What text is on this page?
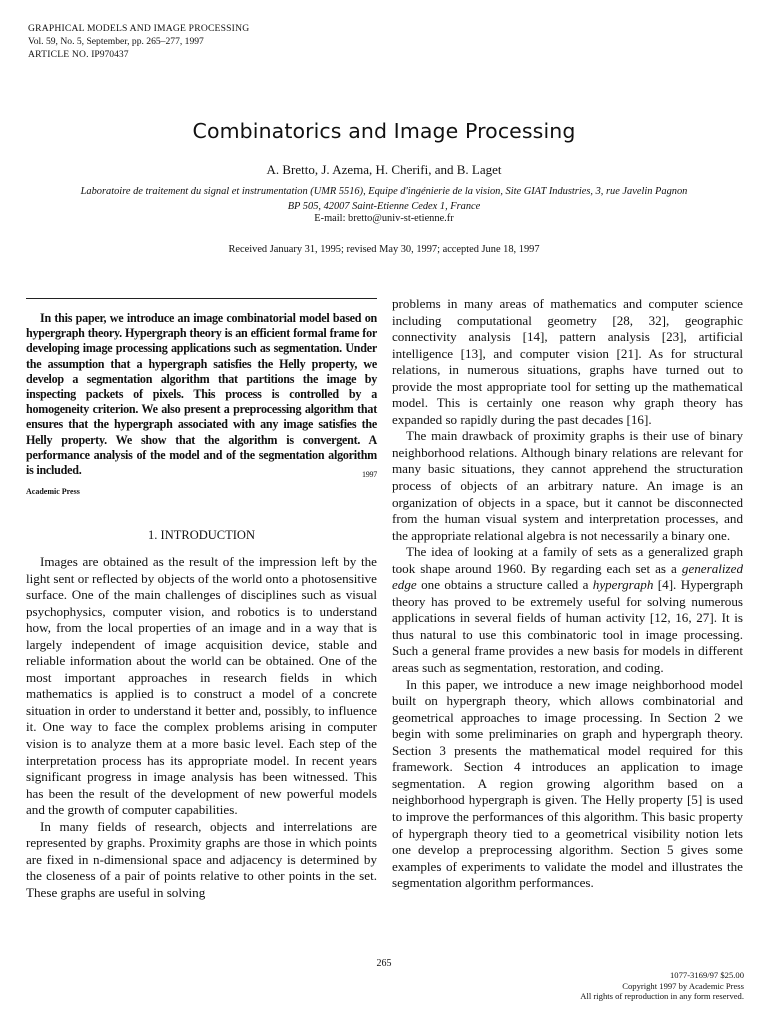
GRAPHICAL MODELS AND IMAGE PROCESSING
Vol. 59, No. 5, September, pp. 265–277, 1997
ARTICLE NO. IP970437
Combinatorics and Image Processing
A. Bretto, J. Azema, H. Cherifi, and B. Laget
Laboratoire de traitement du signal et instrumentation (UMR 5516), Equipe d'ingénierie de la vision, Site GIAT Industries, 3, rue Javelin Pagnon
BP 505, 42007 Saint-Etienne Cedex 1, France
E-mail: bretto@univ-st-etienne.fr
Received January 31, 1995; revised May 30, 1997; accepted June 18, 1997
In this paper, we introduce an image combinatorial model based on hypergraph theory. Hypergraph theory is an efficient formal frame for developing image processing applications such as segmentation. Under the assumption that a hypergraph satisfies the Helly property, we develop a segmentation algorithm that partitions the image by inspecting packets of pixels. This process is controlled by a homogeneity criterion. We also present a preprocessing algorithm that ensures that the hypergraph associated with any image satisfies the Helly property. We show that the algorithm is convergent. A performance analysis of the model and of the segmentation algorithm is included.	1997
Academic Press
1. INTRODUCTION

Images are obtained as the result of the impression left by the light sent or reflected by objects of the world onto a photosensitive surface. One of the main challenges of disciplines such as visual psychophysics, computer vision, and robotics is to understand how, from the local properties of an image and in a way that is largely independent of image acquisition device, stable and reliable information about the world can be obtained. One of the most important approaches in research fields in which mathematics is applied is to construct a model of a concrete situation in order to understand it better and, possibly, to influence it. One way to face the complex problems arising in computer vision is to analyze them at a more basic level. Each step of the interpretation process has its appropriate model. In recent years significant progress in image analysis has been witnessed. This has been the result of the development of new powerful models and the growth of computer capabilities.

In many fields of research, objects and interrelations are represented by graphs. Proximity graphs are those in which points are fixed in n-dimensional space and adjacency is determined by the closeness of a pair of points relative to other points in the set. These graphs are useful in solving

problems in many areas of mathematics and computer science including computational geometry [28, 32], geographic connectivity analysis [14], pattern analysis [23], artificial intelligence [13], and computer vision [21]. As for structural relations, in numerous situations, graphs have turned out to provide the most appropriate tool for setting up the mathematical model. This is certainly one reason why graph theory has expanded so rapidly during the past decades [16].

The main drawback of proximity graphs is their use of binary neighborhood relations. Although binary relations are relevant for many basic situations, they cannot apprehend the structuration process of objects of an arbitrary nature. An image is an organization of objects in a space, but it cannot be disconnected from the human visual system and interpretation processes, and the appropriate relational algebra is not necessarily a binary one.

The idea of looking at a family of sets as a generalized graph took shape around 1960. By regarding each set as a generalized edge one obtains a structure called a hypergraph [4]. Hypergraph theory has proved to be extremely useful for solving numerous applications in several fields of human activity [12, 16, 27]. It is thus natural to use this combinatoric tool in image processing. Such a general frame provides a new basis for models in different areas such as segmentation, restoration, and coding.

In this paper, we introduce a new image neighborhood model built on hypergraph theory, which allows combinatorial and geometrical approaches to image processing. In Section 2 we begin with some preliminaries on graph and hypergraph theory. Section 3 presents the mathematical model required for this framework. Section 4 introduces an application to image segmentation. A region growing algorithm based on a neighborhood hypergraph is given. The Helly property [5] is used to improve the performances of this algorithm. This basic property of hypergraph theory tied to a geometrical visibility notion lets one develop a preprocessing algorithm. Section 5 gives some examples of experiments to validate the model and illustrates the segmentation algorithm performances.

265
1077-3169/97 $25.00
Copyright 1997 by Academic Press
All rights of reproduction in any form reserved.
